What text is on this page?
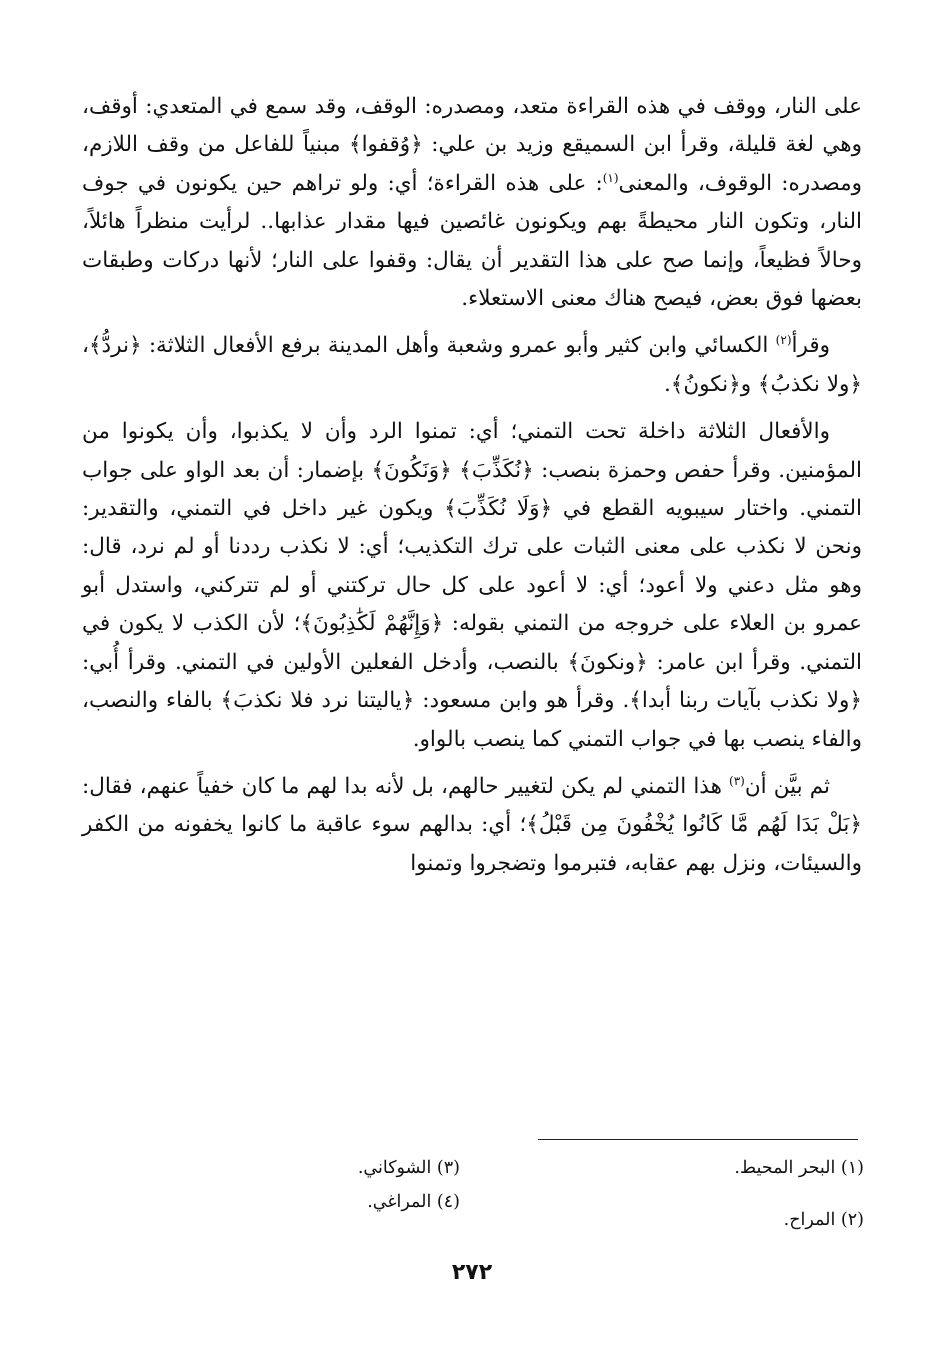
على النار، ووقف في هذه القراءة متعد، ومصدره: الوقف، وقد سمع في المتعدي: أوقف، وهي لغة قليلة، وقرأ ابن السميقع وزيد بن علي: ﴿وُقفوا﴾ مبنياً للفاعل من وقف اللازم، ومصدره: الوقوف، والمعنى$^{(١)}$: على هذه القراءة؛ أي: ولو تراهم حين يكونون في جوف النار، وتكون النار محيطةً بهم ويكونون غائصين فيها مقدار عذابها.. لرأيت منظراً هائلاً، وحالاً فظيعاً، وإنما صح على هذا التقدير أن يقال: وقفوا على النار؛ لأنها دركات وطبقات بعضها فوق بعض، فيصح هناك معنى الاستعلاء.

وقرأ$^{(٢)}$ الكسائي وابن كثير وأبو عمرو وشعبة وأهل المدينة برفع الأفعال الثلاثة: ﴿نردُّ﴾، ﴿ولا نكذبُ﴾ و﴿نكونُ﴾.

والأفعال الثلاثة داخلة تحت التمني؛ أي: تمنوا الرد وأن لا يكذبوا، وأن يكونوا من المؤمنين. وقرأ حفص وحمزة بنصب: ﴿نُكَذِّبَ﴾ ﴿وَنَكُونَ﴾ بإضمار: أن بعد الواو على جواب التمني. واختار سيبويه القطع في ﴿وَلَا نُكَذِّبَ﴾ ويكون غير داخل في التمني، والتقدير: ونحن لا نكذب على معنى الثبات على ترك التكذيب؛ أي: لا نكذب رددنا أو لم نرد، قال: وهو مثل دعني ولا أعود؛ أي: لا أعود على كل حال تركتني أو لم تتركني، واستدل أبو عمرو بن العلاء على خروجه من التمني بقوله: ﴿وَإِنَّهُمْ لَكَٰذِبُونَ﴾؛ لأن الكذب لا يكون في التمني. وقرأ ابن عامر: ﴿ونكونَ﴾ بالنصب، وأدخل الفعلين الأولين في التمني. وقرأ أُبي: ﴿ولا نكذب بآيات ربنا أبدا﴾. وقرأ هو وابن مسعود: ﴿ياليتنا نرد فلا نكذبَ﴾ بالفاء والنصب، والفاء ينصب بها في جواب التمني كما ينصب بالواو.

ثم بيَّن أن$^{(٣)}$ هذا التمني لم يكن لتغيير حالهم، بل لأنه بدا لهم ما كان خفياً عنهم، فقال: ﴿بَلْ بَدَا لَهُم مَّا كَانُوا يُخْفُونَ مِن قَبْلُ﴾؛ أي: بدالهم سوء عاقبة ما كانوا يخفونه من الكفر والسيئات، ونزل بهم عقابه، فتبرموا وتضجروا وتمنوا

(١) البحر المحيط.
(٢) المراح.
(٣) الشوكاني.
(٤) المراغي.
٢٧٢
